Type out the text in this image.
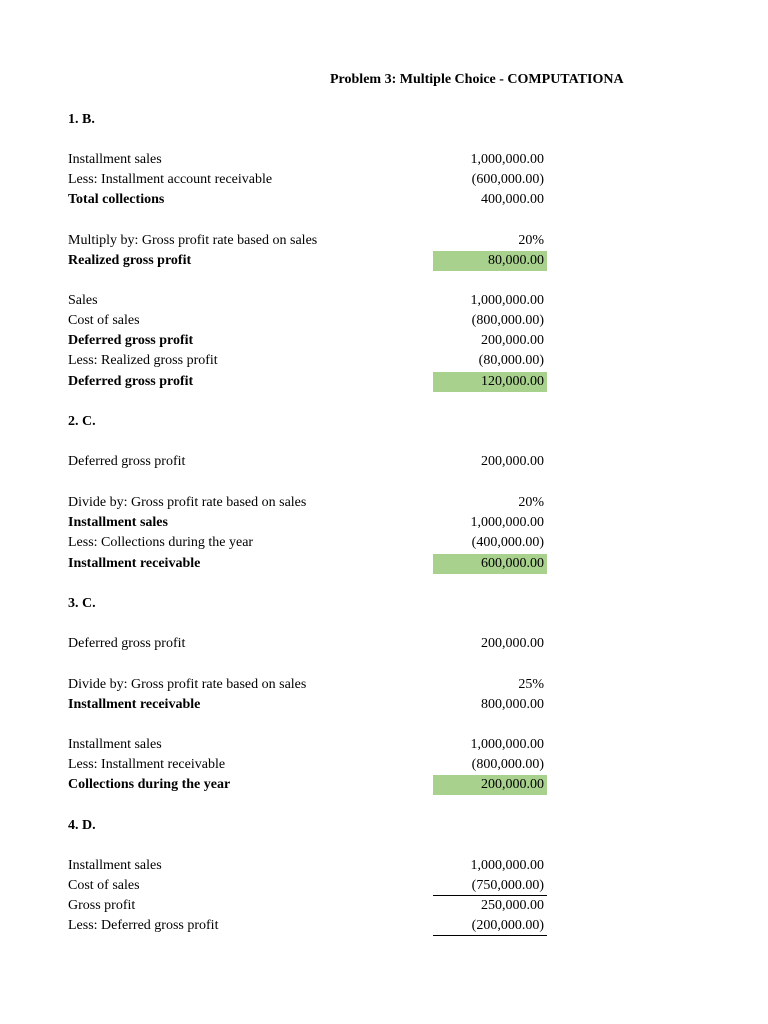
Problem 3: Multiple Choice - COMPUTATIONA
1. B.
Installment sales	1,000,000.00
Less: Installment account receivable	(600,000.00)
Total collections	400,000.00
Multiply by: Gross profit rate based on sales	20%
Realized gross profit	80,000.00
Sales	1,000,000.00
Cost of sales	(800,000.00)
Deferred gross profit	200,000.00
Less: Realized gross profit	(80,000.00)
Deferred gross profit	120,000.00
2. C.
Deferred gross profit	200,000.00
Divide by: Gross profit rate based on sales	20%
Installment sales	1,000,000.00
Less: Collections during the year	(400,000.00)
Installment receivable	600,000.00
3. C.
Deferred gross profit	200,000.00
Divide by: Gross profit rate based on sales	25%
Installment receivable	800,000.00
Installment sales	1,000,000.00
Less: Installment receivable	(800,000.00)
Collections during the year	200,000.00
4. D.
Installment sales	1,000,000.00
Cost of sales	(750,000.00)
Gross profit	250,000.00
Less: Deferred gross profit	(200,000.00)
